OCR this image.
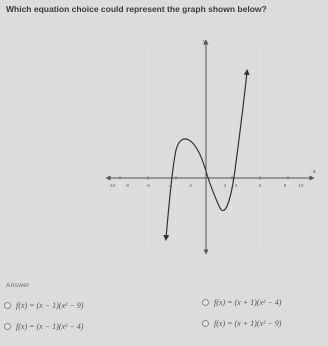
Which equation choice could represent the graph shown below?
y
x
-10 -8	-6	-4	-2	2 4	6	8	10
Answer
f(x) = (x − 1)(x² − 9)	f(x) = (x + 1)(x² − 4)
f(x) = (x − 1)(x² − 4)	f(x) = (x + 1)(x² − 9)
